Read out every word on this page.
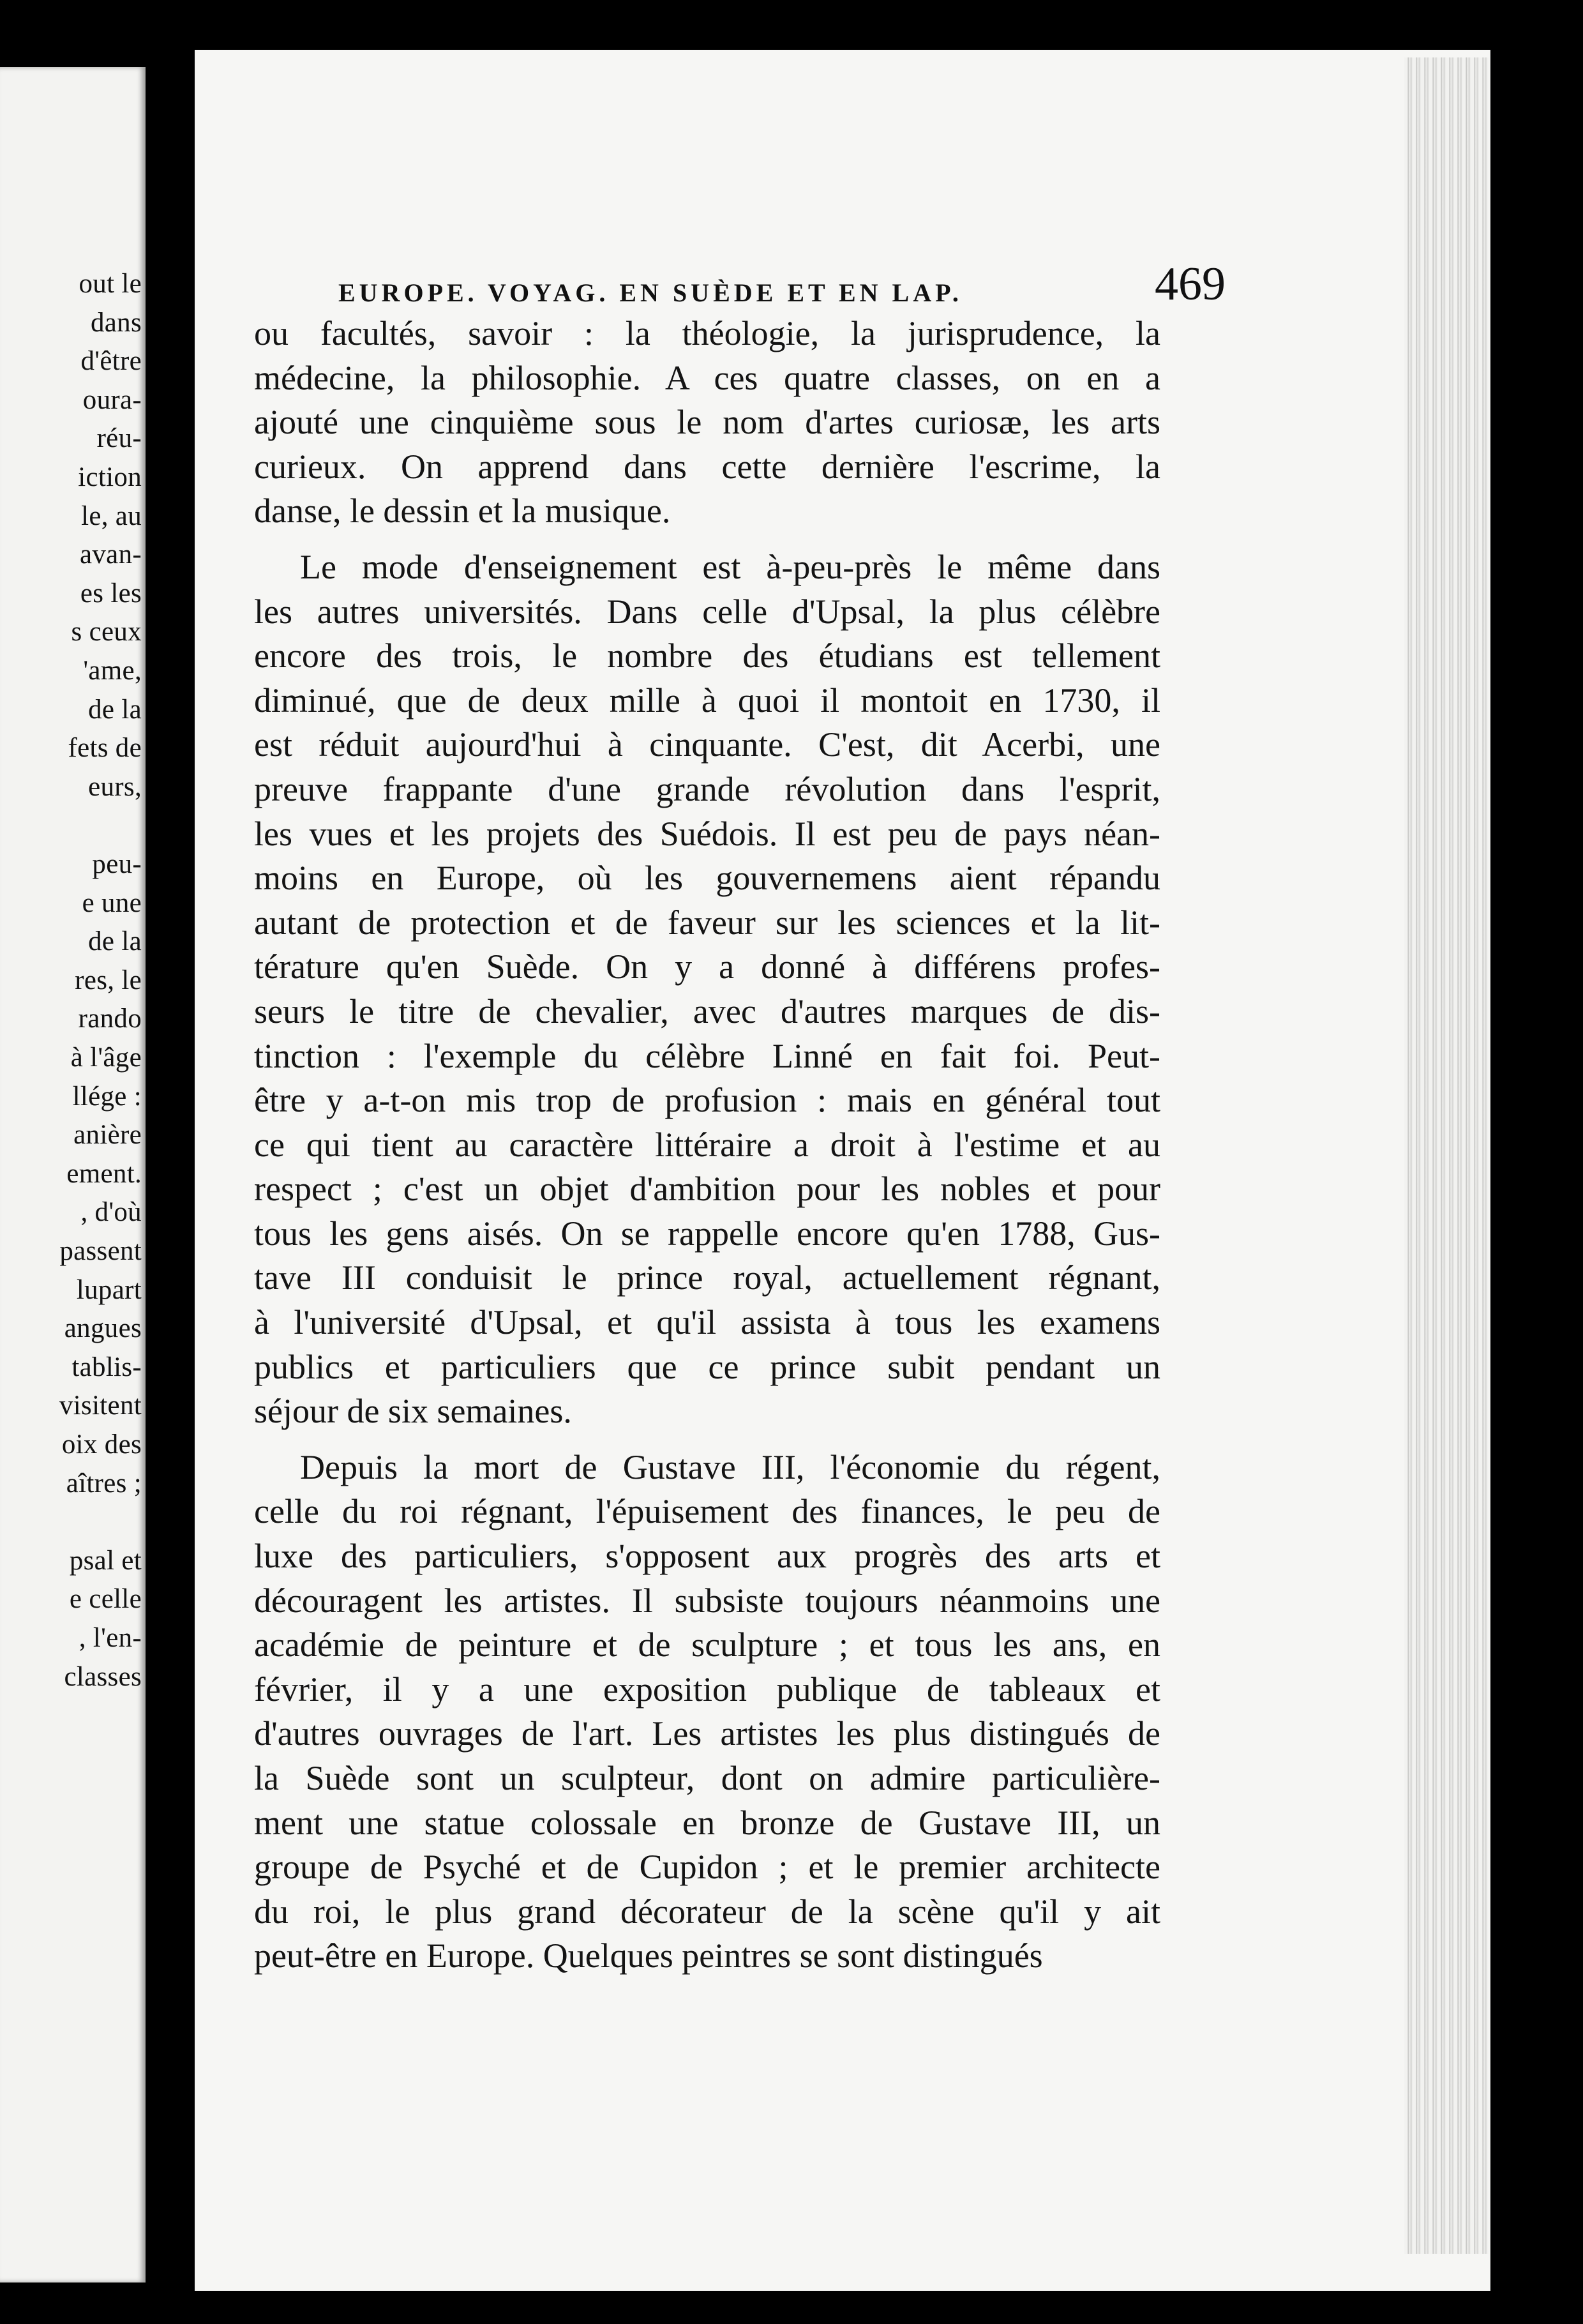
out le

dans

d'être

oura-

réu-

iction

le, au

avan-

es les

s ceux

'ame,

de la

fets de

eurs,

peu-

e une

de la

res, le

rando

à l'âge

llége :

anière

ement.

, d'où

passent

lupart

angues

tablis-

visitent

oix des

aîtres ;

psal et

e celle

, l'en-

classes

EUROPE. VOYAG. EN SUÈDE ET EN LAP.	469

ou facultés, savoir : la théologie, la jurisprudence, la
médecine, la philosophie. A ces quatre classes, on en a
ajouté une cinquième sous le nom d'artes curiosæ, les arts
curieux. On apprend dans cette dernière l'escrime, la
danse, le dessin et la musique.
Le mode d'enseignement est à-peu-près le même dans
les autres universités. Dans celle d'Upsal, la plus célèbre
encore des trois, le nombre des étudians est tellement
diminué, que de deux mille à quoi il montoit en 1730, il
est réduit aujourd'hui à cinquante. C'est, dit Acerbi, une
preuve frappante d'une grande révolution dans l'esprit,
les vues et les projets des Suédois. Il est peu de pays néan-
moins en Europe, où les gouvernemens aient répandu
autant de protection et de faveur sur les sciences et la lit-
térature qu'en Suède. On y a donné à différens profes-
seurs le titre de chevalier, avec d'autres marques de dis-
tinction : l'exemple du célèbre Linné en fait foi. Peut-
être y a-t-on mis trop de profusion : mais en général tout
ce qui tient au caractère littéraire a droit à l'estime et au
respect ; c'est un objet d'ambition pour les nobles et pour
tous les gens aisés. On se rappelle encore qu'en 1788, Gus-
tave III conduisit le prince royal, actuellement régnant,
à l'université d'Upsal, et qu'il assista à tous les examens
publics et particuliers que ce prince subit pendant un
séjour de six semaines.
Depuis la mort de Gustave III, l'économie du régent,
celle du roi régnant, l'épuisement des finances, le peu de
luxe des particuliers, s'opposent aux progrès des arts et
découragent les artistes. Il subsiste toujours néanmoins une
académie de peinture et de sculpture ; et tous les ans, en
février, il y a une exposition publique de tableaux et
d'autres ouvrages de l'art. Les artistes les plus distingués de
la Suède sont un sculpteur, dont on admire particulière-
ment une statue colossale en bronze de Gustave III, un
groupe de Psyché et de Cupidon ; et le premier architecte
du roi, le plus grand décorateur de la scène qu'il y ait
peut-être en Europe. Quelques peintres se sont distingués
